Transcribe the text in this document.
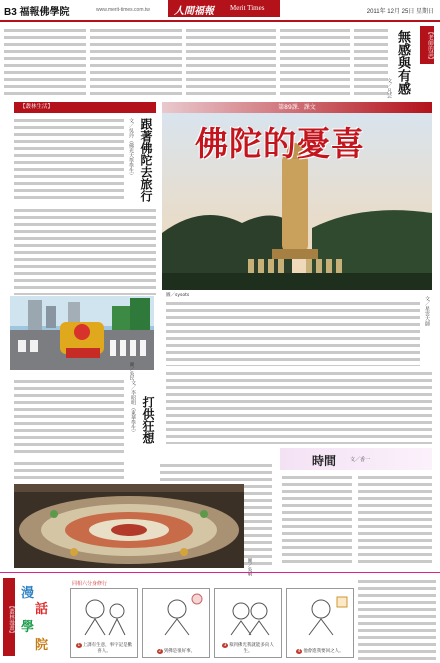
B3 福報佛學院	www.merit-times.com.tw 人間福報 Merit Times	2011年 12月 25日 星期日
【老師的話】
無感與有感
文／凡芸
【叢林生活】
跟著佛陀去旅行
文／吳玲（佛光大學學生）
圖／吳民
打供狂想
文／李昭明（東華學生）
圖／吳晴
第89課．課文
佛陀的憂喜
圖／sysots
文／星雲大師
時間	文／香一
【叢林漫畫】
漫
話
學
院
同相六分身修行
1 上課有生意，事字記是歡喜人。	2 到佛是很好事。
3 慕到佛光我就能多向人生。	4 他會進我要回之人。
